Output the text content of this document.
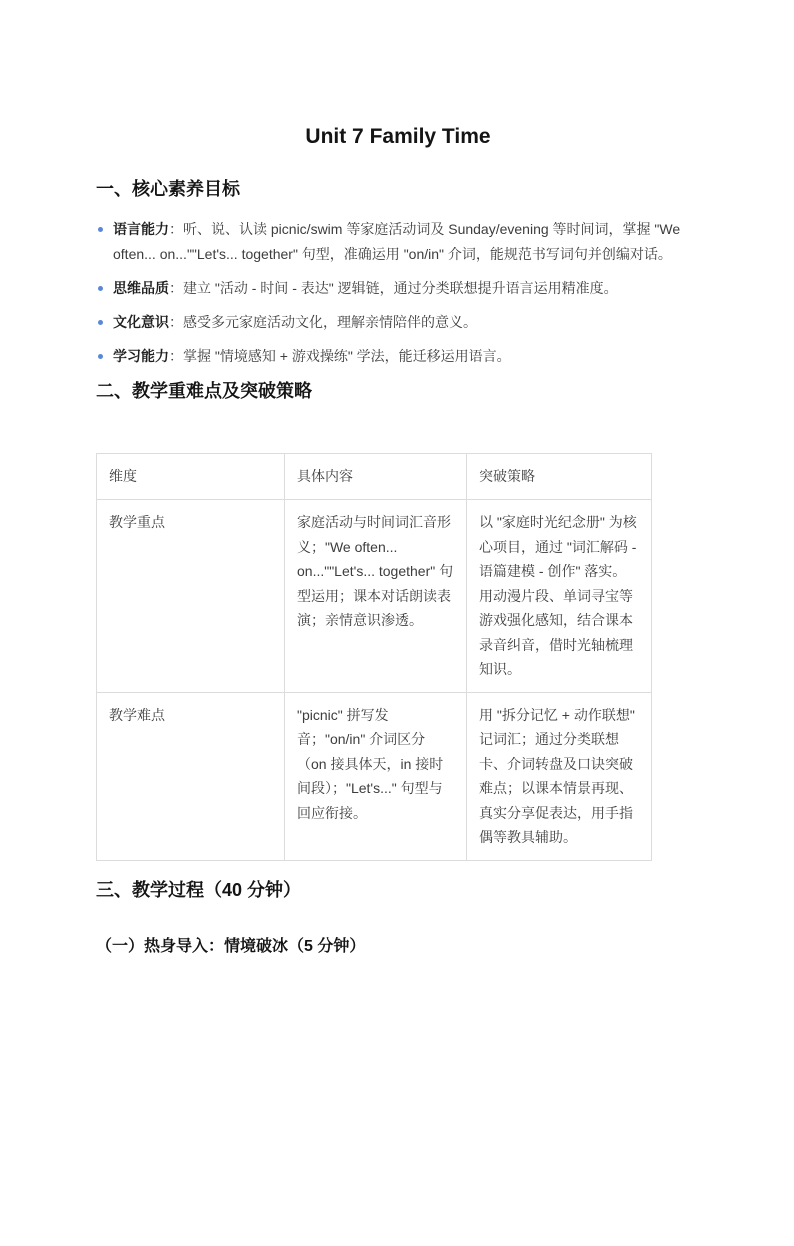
Unit 7 Family Time
一、核心素养目标
语言能力：听、说、认读 picnic/swim 等家庭活动词及 Sunday/evening 等时间词，掌握 "We often... on...""Let's... together" 句型，准确运用 "on/in" 介词，能规范书写词句并创编对话。
思维品质：建立 "活动 - 时间 - 表达" 逻辑链，通过分类联想提升语言运用精准度。
文化意识：感受多元家庭活动文化，理解亲情陪伴的意义。
学习能力：掌握 "情境感知 + 游戏操练" 学法，能迁移运用语言。
二、教学重难点及突破策略
维度	具体内容	突破策略
教学重点	家庭活动与时间词汇音形义；"We often... on...""Let's... together" 句型运用；课本对话朗读表演；亲情意识渗透。	以 "家庭时光纪念册" 为核心项目，通过 "词汇解码 - 语篇建模 - 创作" 落实。用动漫片段、单词寻宝等游戏强化感知，结合课本录音纠音，借时光轴梳理知识。
教学难点	"picnic" 拼写发音；"on/in" 介词区分（on 接具体天，in 接时间段）；"Let's..." 句型与回应衔接。	用 "拆分记忆 + 动作联想" 记词汇；通过分类联想卡、介词转盘及口诀突破难点；以课本情景再现、真实分享促表达，用手指偶等教具辅助。
三、教学过程（40 分钟）
（一）热身导入：情境破冰（5 分钟）
